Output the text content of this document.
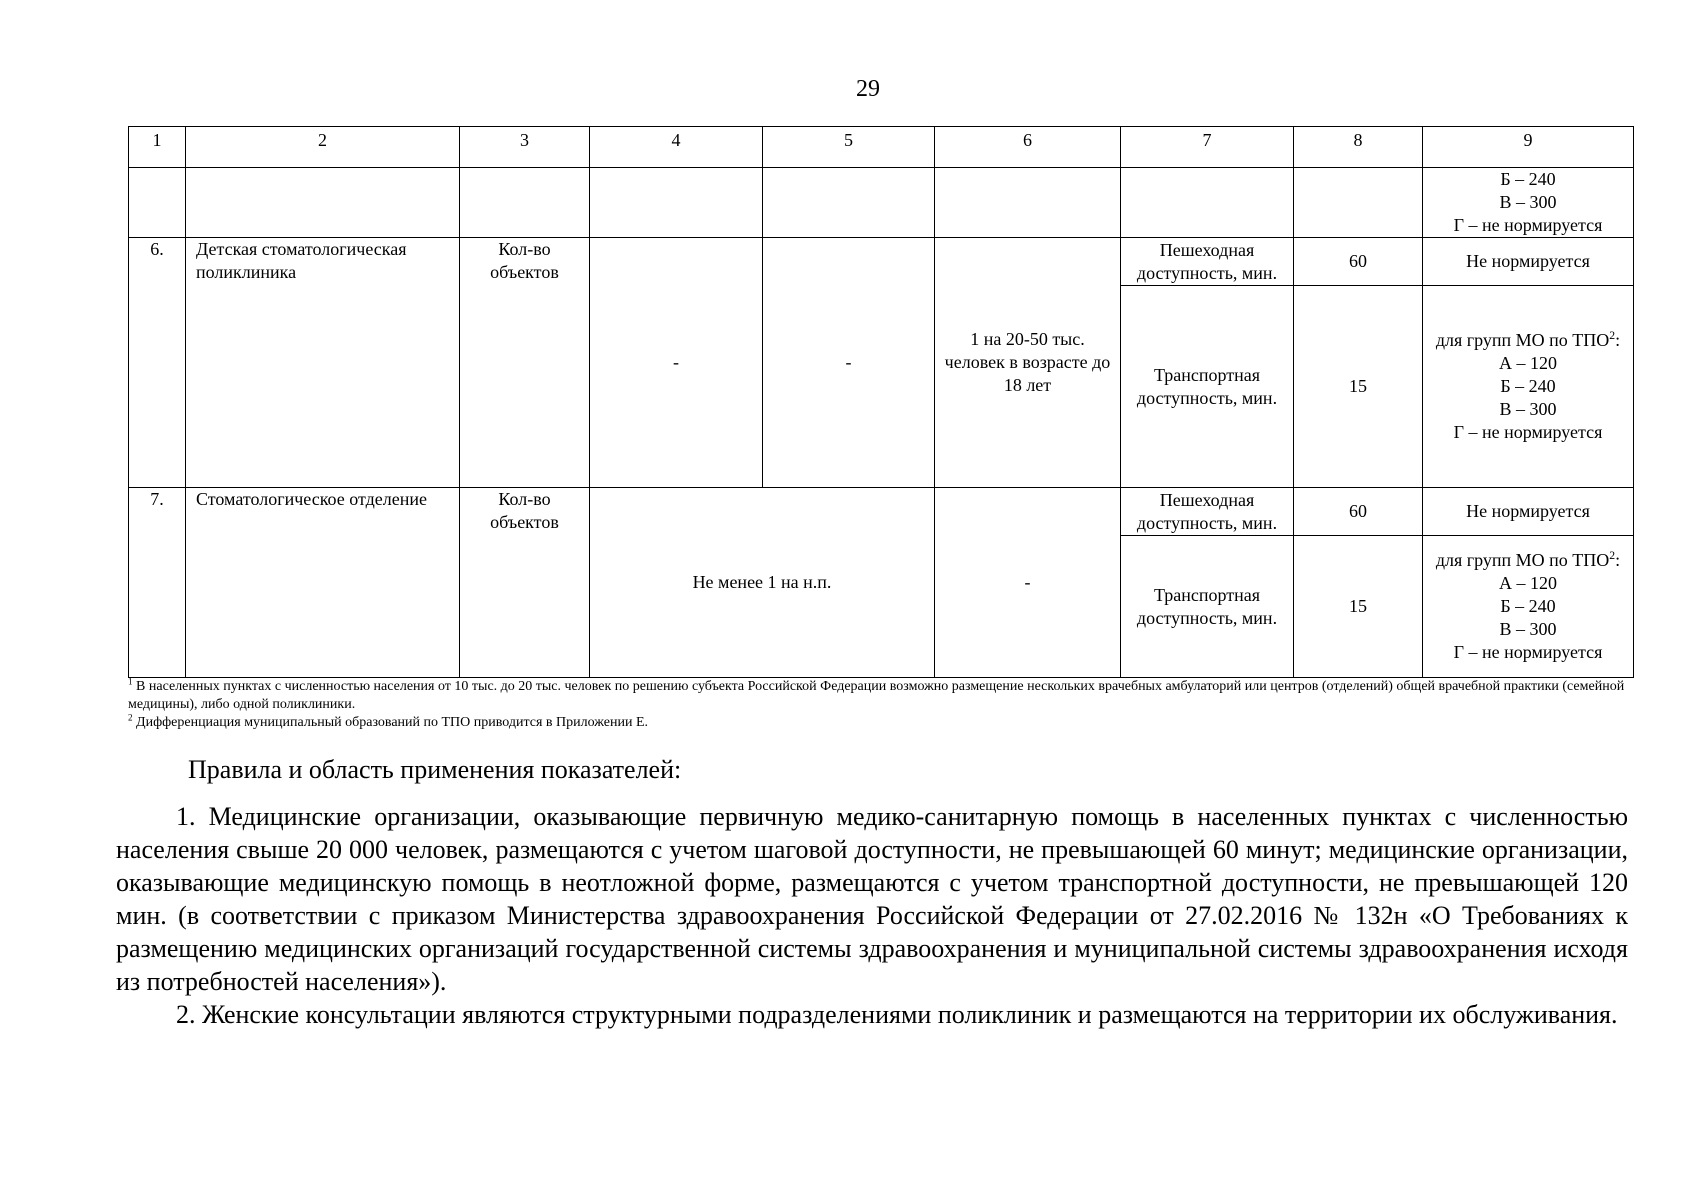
29
1	2	3	4	5	6	7	8	9

								Б – 240
В – 300
Г – не нормируется

6.	Детская стоматологическая поликлиника	Кол-во объектов	-	-	1 на 20-50 тыс. человек в возрасте до 18 лет	Пешеходная доступность, мин.	60	Не нормируется
						Транспортная доступность, мин.	15	для групп МО по ТПО$^2$:
А – 120
Б – 240
В – 300
Г – не нормируется

7.	Стоматологическое отделение	Кол-во объектов	Не менее 1 на н.п.		-	Пешеходная доступность, мин.	60	Не нормируется
						Транспортная доступность, мин.	15	для групп МО по ТПО$^2$:
А – 120
Б – 240
В – 300
Г – не нормируется

$^1$ В населенных пунктах с численностью населения от 10 тыс. до 20 тыс. человек по решению субъекта Российской Федерации возможно размещение нескольких врачебных амбулаторий или центров (отделений) общей врачебной практики (семейной медицины), либо одной поликлиники.

$^2$ Дифференциация муниципальный образований по ТПО приводится в Приложении Е.

Правила и область применения показателей:

1. Медицинские организации, оказывающие первичную медико-санитарную помощь в населенных пунктах с численностью населения свыше 20 000 человек, размещаются с учетом шаговой доступности, не превышающей 60 минут; медицинские организации, оказывающие медицинскую помощь в неотложной форме, размещаются с учетом транспортной доступности, не превышающей 120 мин. (в соответствии с приказом Министерства здравоохранения Российской Федерации от 27.02.2016 № 132н «О Требованиях к размещению медицинских организаций государственной системы здравоохранения и муниципальной системы здравоохранения исходя из потребностей населения»).

2. Женские консультации являются структурными подразделениями поликлиник и размещаются на территории их обслуживания.
